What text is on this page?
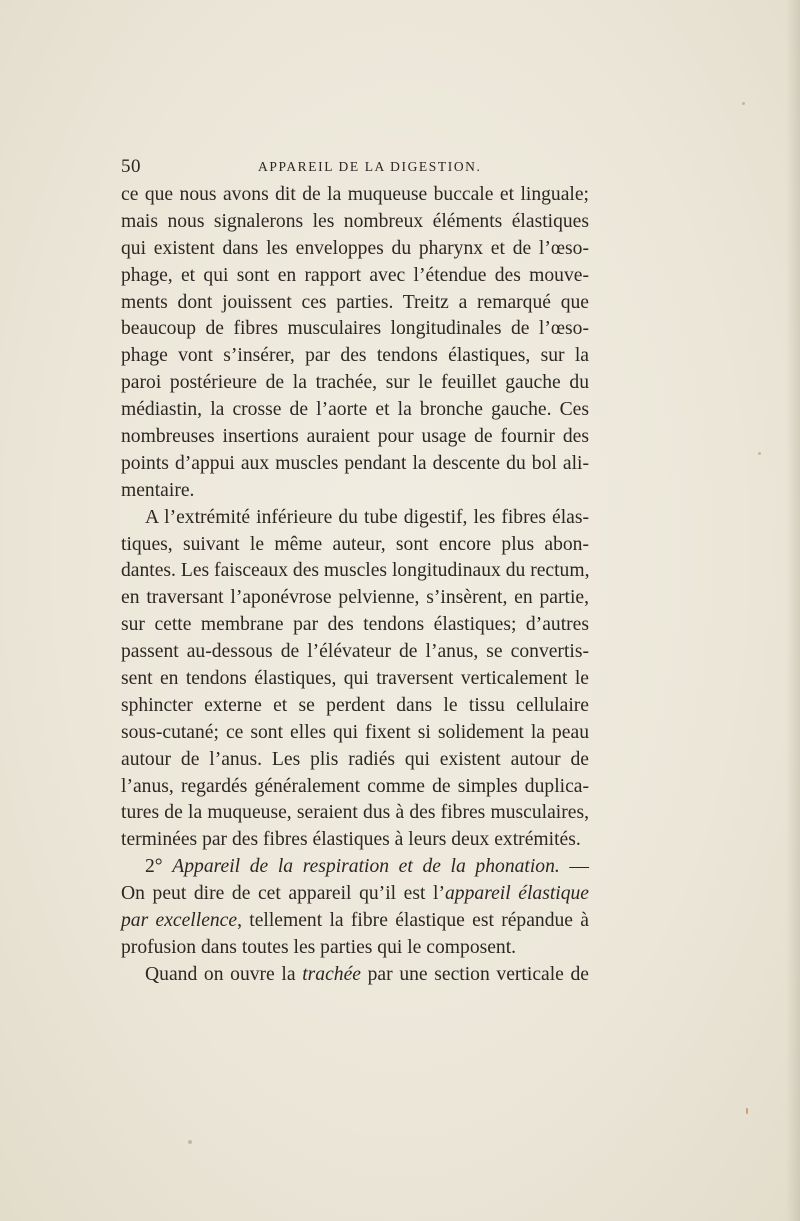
50	APPAREIL DE LA DIGESTION.
ce que nous avons dit de la muqueuse buccale et linguale;
mais nous signalerons les nombreux éléments élastiques
qui existent dans les enveloppes du pharynx et de l’œso-
phage, et qui sont en rapport avec l’étendue des mouve-
ments dont jouissent ces parties. Treitz a remarqué que
beaucoup de fibres musculaires longitudinales de l’œso-
phage vont s’insérer, par des tendons élastiques, sur la
paroi postérieure de la trachée, sur le feuillet gauche du
médiastin, la crosse de l’aorte et la bronche gauche. Ces
nombreuses insertions auraient pour usage de fournir des
points d’appui aux muscles pendant la descente du bol ali-
mentaire.
A l’extrémité inférieure du tube digestif, les fibres élas-
tiques, suivant le même auteur, sont encore plus abon-
dantes. Les faisceaux des muscles longitudinaux du rectum,
en traversant l’aponévrose pelvienne, s’insèrent, en partie,
sur cette membrane par des tendons élastiques; d’autres
passent au-dessous de l’élévateur de l’anus, se convertis-
sent en tendons élastiques, qui traversent verticalement le
sphincter externe et se perdent dans le tissu cellulaire
sous-cutané; ce sont elles qui fixent si solidement la peau
autour de l’anus. Les plis radiés qui existent autour de
l’anus, regardés généralement comme de simples duplica-
tures de la muqueuse, seraient dus à des fibres musculaires,
terminées par des fibres élastiques à leurs deux extrémités.
2° Appareil de la respiration et de la phonation. —
On peut dire de cet appareil qu’il est l’appareil élastique
par excellence, tellement la fibre élastique est répandue à
profusion dans toutes les parties qui le composent.
Quand on ouvre la trachée par une section verticale de
